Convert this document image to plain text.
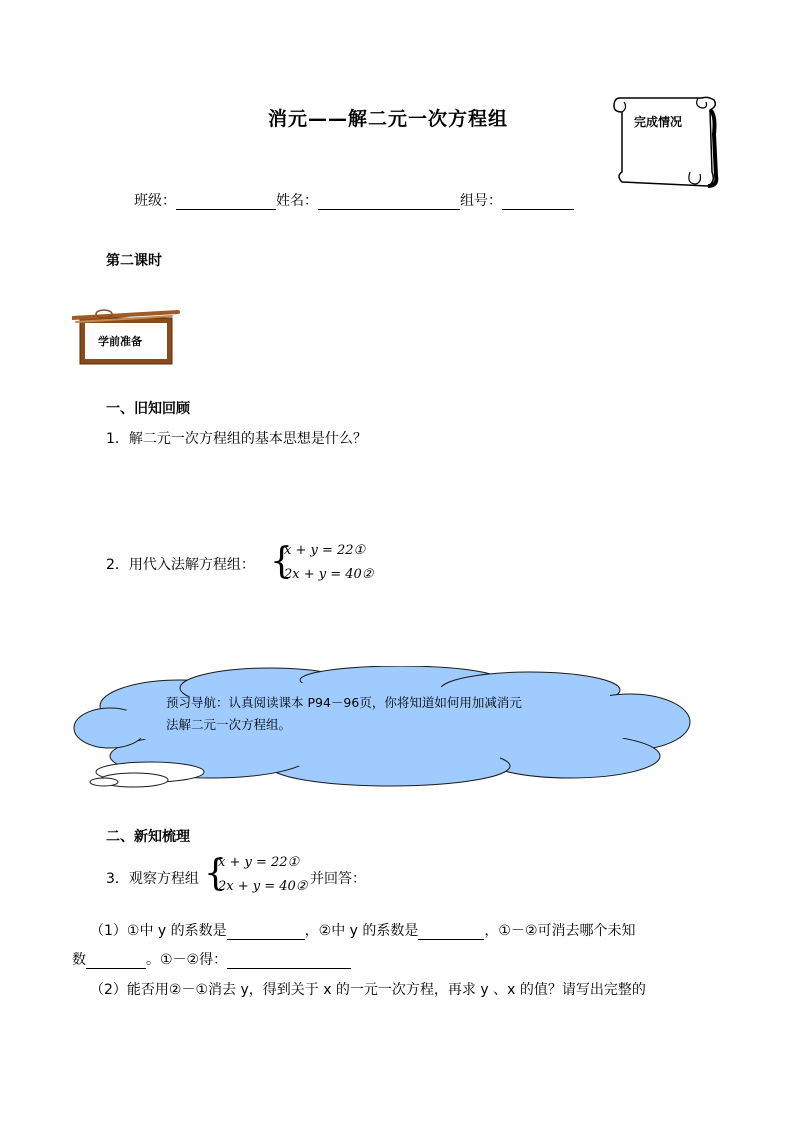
消元——解二元一次方程组	完成情况
班级：	姓名：	组号：
第二课时
学前准备
一、旧知回顾
1．解二元一次方程组的基本思想是什么？
2．用代入法解方程组： {
x + y = 22①
2x + y = 40②
预习导航：认真阅读课本 P94－96页，你将知道如何用加减消元
法解二元一次方程组。
二、新知梳理
3．观察方程组 {
x + y = 22①
2x + y = 40② 并回答：
（1）①中 y 的系数是	，②中 y 的系数是	，①－②可消去哪个未知
数	。①－②得：
（2）能否用②－①消去 y，得到关于 x 的一元一次方程，再求 y 、x 的值？请写出完整的
